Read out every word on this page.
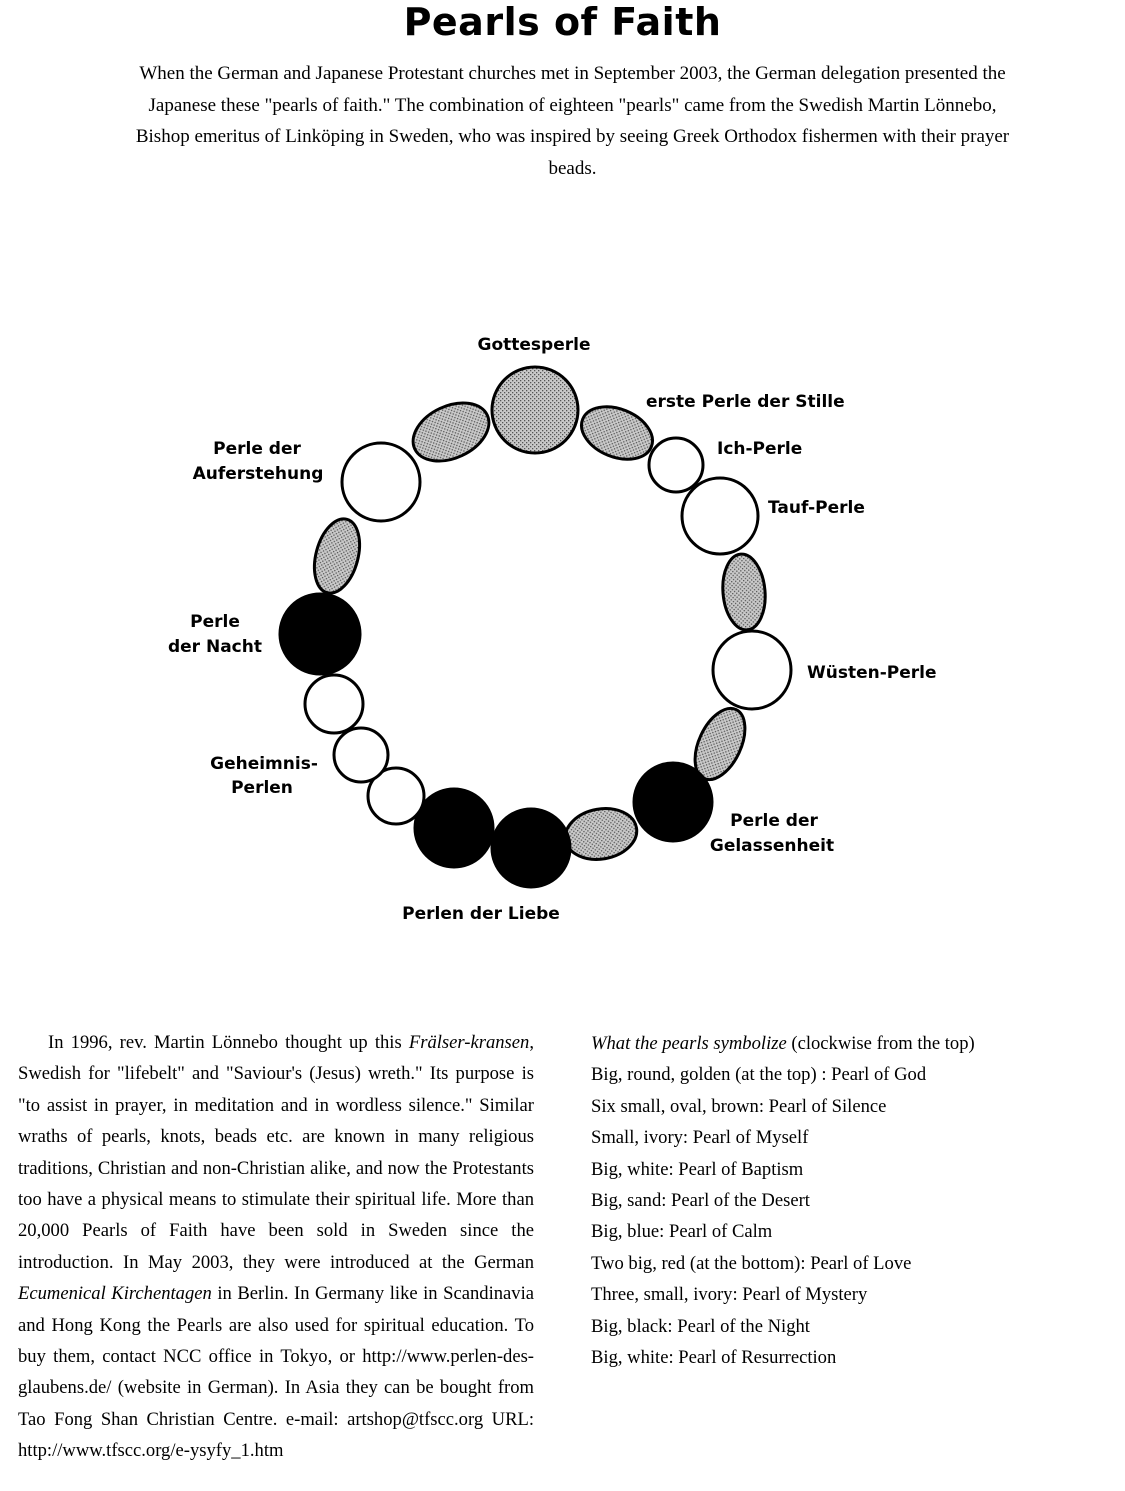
Pearls of Faith

When the German and Japanese Protestant churches met in September 2003, the German delegation presented the Japanese these "pearls of faith." The combination of eighteen "pearls" came from the Swedish Martin Lönnebo, Bishop emeritus of Linköping in Sweden, who was inspired by seeing Greek Orthodox fishermen with their prayer beads.

Gottesperle
erste Perle der Stille
Ich-Perle
Tauf-Perle
Wüsten-Perle
Perle der
Gelassenheit
Perlen der Liebe
Geheimnis-
Perlen
Perle
der Nacht
Perle der
Auferstehung

In 1996, rev. Martin Lönnebo thought up this Frälser-kransen, Swedish for "lifebelt" and "Saviour's (Jesus) wreth." Its purpose is "to assist in prayer, in meditation and in wordless silence." Similar wraths of pearls, knots, beads etc. are known in many religious traditions, Christian and non-Christian alike, and now the Protestants too have a physical means to stimulate their spiritual life. More than 20,000 Pearls of Faith have been sold in Sweden since the introduction. In May 2003, they were introduced at the German Ecumenical Kirchentagen in Berlin. In Germany like in Scandinavia and Hong Kong the Pearls are also used for spiritual education. To buy them, contact NCC office in Tokyo, or http://www.perlen-des-glaubens.de/ (website in German). In Asia they can be bought from Tao Fong Shan Christian Centre. e-mail: artshop@tfscc.org URL: http://www.tfscc.org/e-ysyfy_1.htm

What the pearls symbolize (clockwise from the top)
Big, round, golden (at the top) : Pearl of God
Six small, oval, brown: Pearl of Silence
Small, ivory: Pearl of Myself
Big, white: Pearl of Baptism
Big, sand: Pearl of the Desert
Big, blue: Pearl of Calm
Two big, red (at the bottom): Pearl of Love
Three, small, ivory: Pearl of Mystery
Big, black: Pearl of the Night
Big, white: Pearl of Resurrection
